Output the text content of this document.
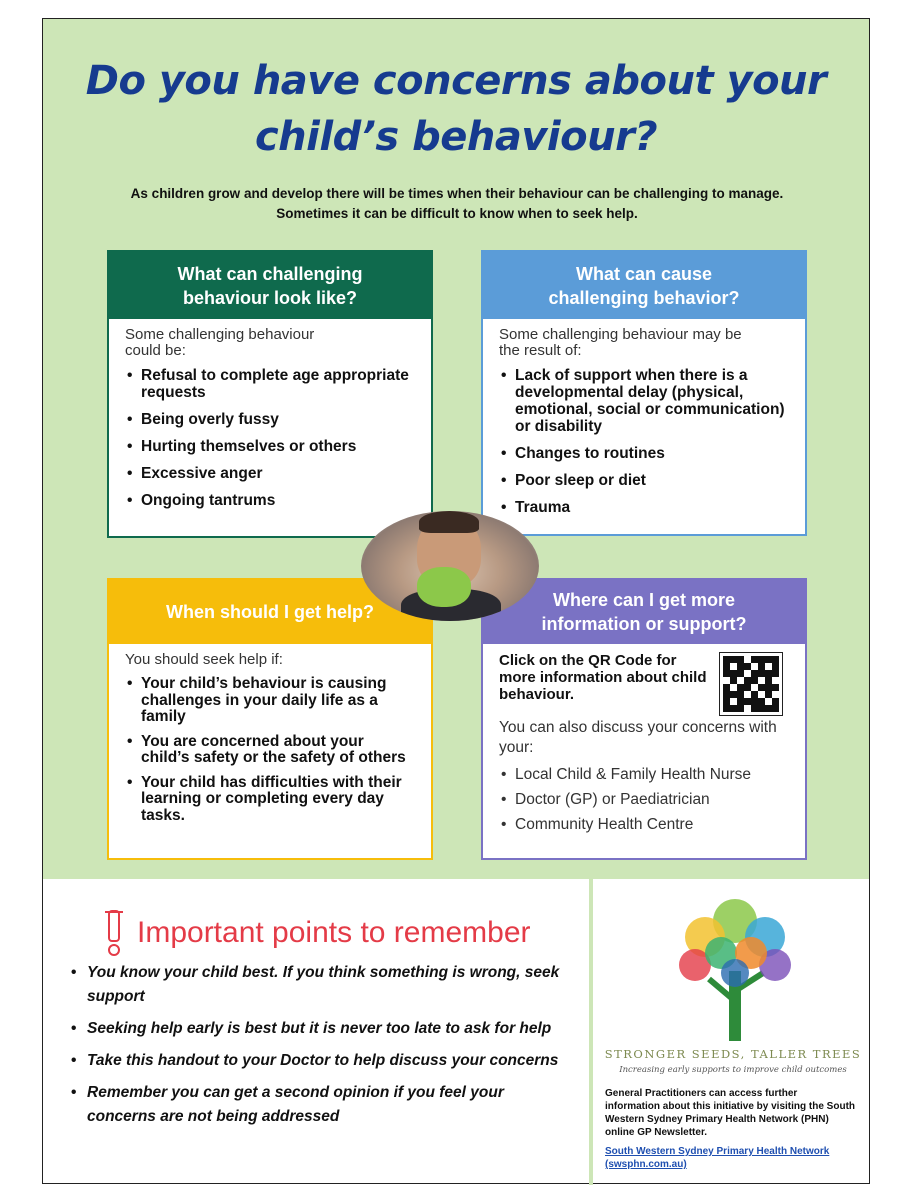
Do you have concerns about your
child’s behaviour?

As children grow and develop there will be times when their behaviour can be challenging to manage.
Sometimes it can be difficult to know when to seek help.

What can challenging
behaviour look like?

Some challenging behaviour
could be:

• Refusal to complete age appropriate requests
• Being overly fussy
• Hurting themselves or others
• Excessive anger
• Ongoing tantrums
What can cause
challenging behavior?

Some challenging behaviour may be
the result of:

• Lack of support when there is a developmental delay (physical, emotional, social or communication) or disability
• Changes to routines
• Poor sleep or diet
• Trauma
When should I get help?

You should seek help if:

• Your child’s behaviour is causing challenges in your daily life as a family
• You are concerned about your child’s safety or the safety of others
• Your child has difficulties with their learning or completing every day tasks.
Where can I get more
information or support?

Click on the QR Code for more information about child behaviour.

You can also discuss your concerns with your:

• Local Child & Family Health Nurse
• Doctor (GP) or Paediatrician
• Community Health Centre
Important points to remember
• You know your child best. If you think something is wrong, seek support
• Seeking help early is best but it is never too late to ask for help
• Take this handout to your Doctor to help discuss your concerns
• Remember you can get a second opinion if you feel your concerns are not being addressed
STRONGER SEEDS, TALLER TREES
Increasing early supports to improve child outcomes

General Practitioners can access further information about this initiative by visiting the South Western Sydney Primary Health Network (PHN) online GP Newsletter.

South Western Sydney Primary Health Network (swsphn.com.au)
